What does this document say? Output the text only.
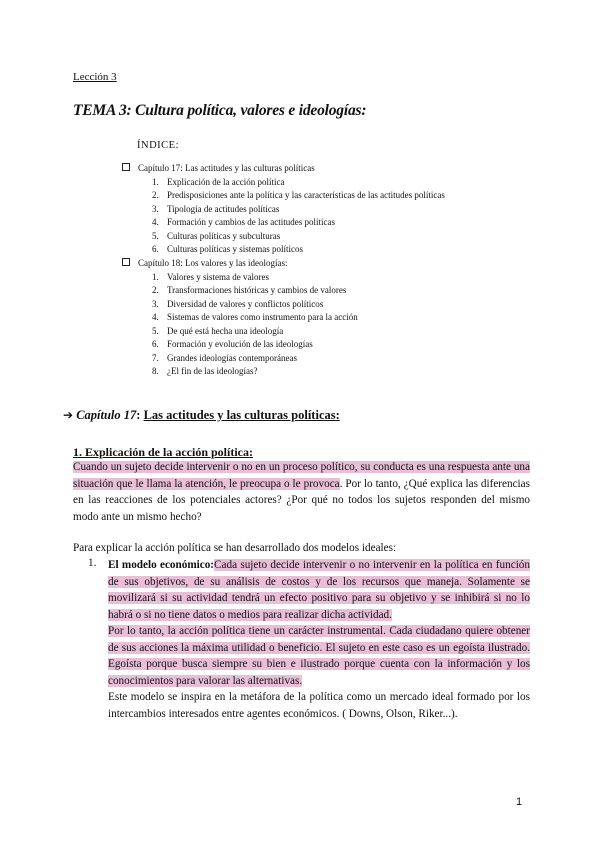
Lección 3
TEMA 3: Cultura política, valores e ideologías:
ÍNDICE:
Capítulo 17: Las actitudes y las culturas políticas
1. Explicación de la acción política
2. Predisposiciones ante la política y las características de las actitudes políticas
3. Tipología de actitudes políticas
4. Formación y cambios de las actitudes políticas
5. Culturas políticas y subculturas
6. Culturas políticas y sistemas políticos
Capítulo 18: Los valores y las ideologías:
1. Valores y sistema de valores
2. Transformaciones históricas y cambios de valores
3. Diversidad de valores y conflictos políticos
4. Sistemas de valores como instrumento para la acción
5. De qué está hecha una ideología
6. Formación y evolución de las ideologías
7. Grandes ideologías contemporáneas
8. ¿El fin de las ideologías?
➔ Capítulo 17: Las actitudes y las culturas políticas:
1. Explicación de la acción política:
Cuando un sujeto decide intervenir o no en un proceso político, su conducta es una respuesta ante una situación que le llama la atención, le preocupa o le provoca. Por lo tanto, ¿Qué explica las diferencias en las reacciones de los potenciales actores? ¿Por qué no todos los sujetos responden del mismo modo ante un mismo hecho?
Para explicar la acción política se han desarrollado dos modelos ideales:
1. El modelo económico:Cada sujeto decide intervenir o no intervenir en la política en función de sus objetivos, de su análisis de costos y de los recursos que maneja. Solamente se movilizará si su actividad tendrá un efecto positivo para su objetivo y se inhibirá si no lo habrá o si no tiene datos o medios para realizar dicha actividad.
Por lo tanto, la acción política tiene un carácter instrumental. Cada ciudadano quiere obtener de sus acciones la máxima utilidad o beneficio. El sujeto en este caso es un egoísta ilustrado. Egoísta porque busca siempre su bien e ilustrado porque cuenta con la información y los conocimientos para valorar las alternativas.
Este modelo se inspira en la metáfora de la política como un mercado ideal formado por los intercambios interesados entre agentes económicos. ( Downs, Olson, Riker...).
1
